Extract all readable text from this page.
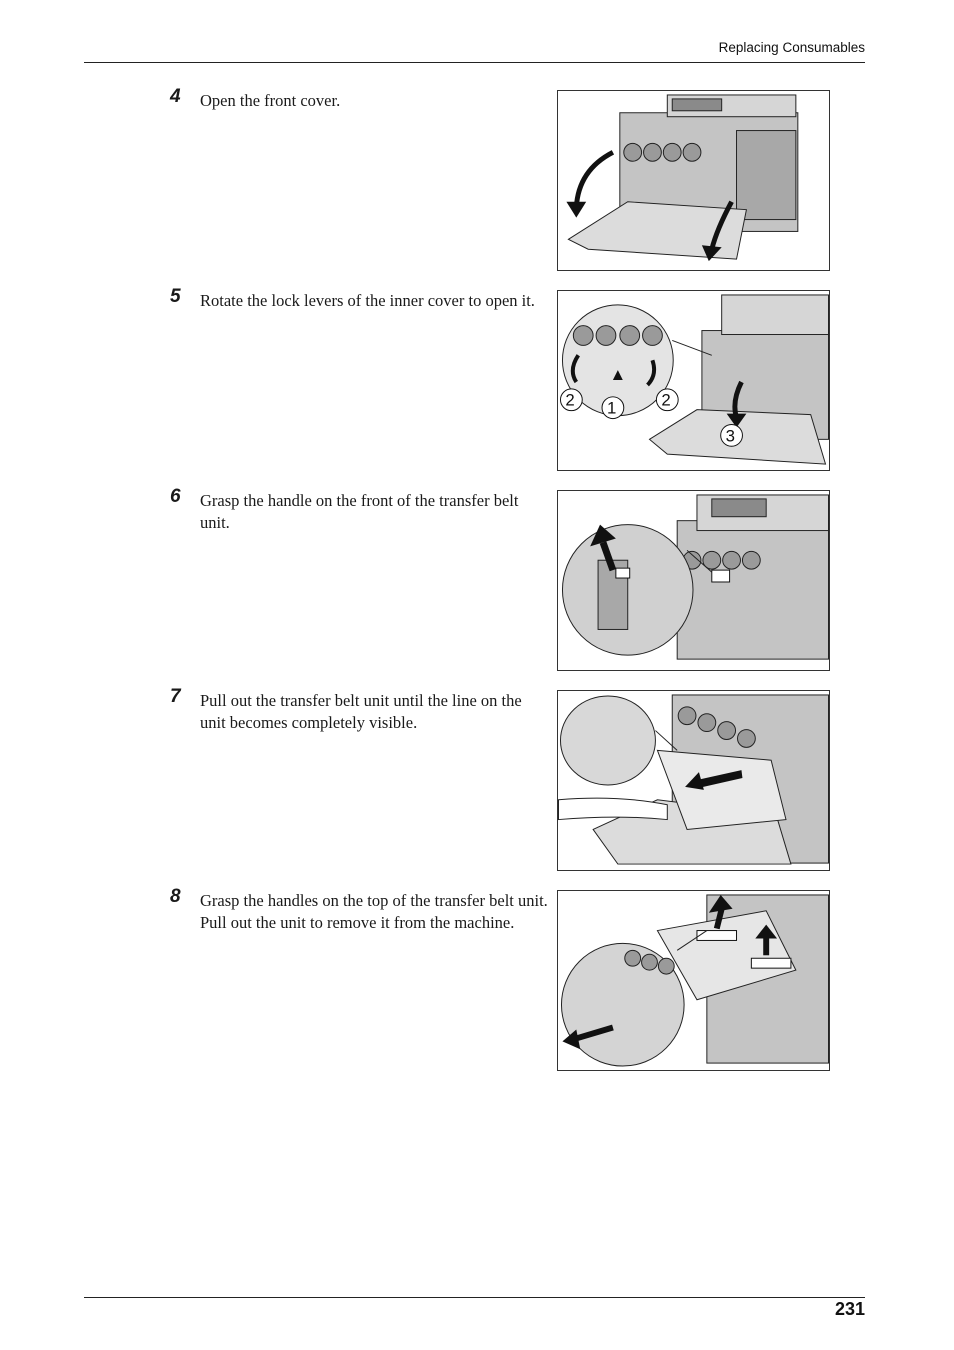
Replacing Consumables
4 Open the front cover.
5 Rotate the lock levers of the inner cover to open it.
2 1	2
3
6 Grasp the handle on the front of the transfer belt unit.
7 Pull out the transfer belt unit until the line on the unit becomes completely visible.
8 Grasp the handles on the top of the transfer belt unit. Pull out the unit to remove it from the machine.
231
